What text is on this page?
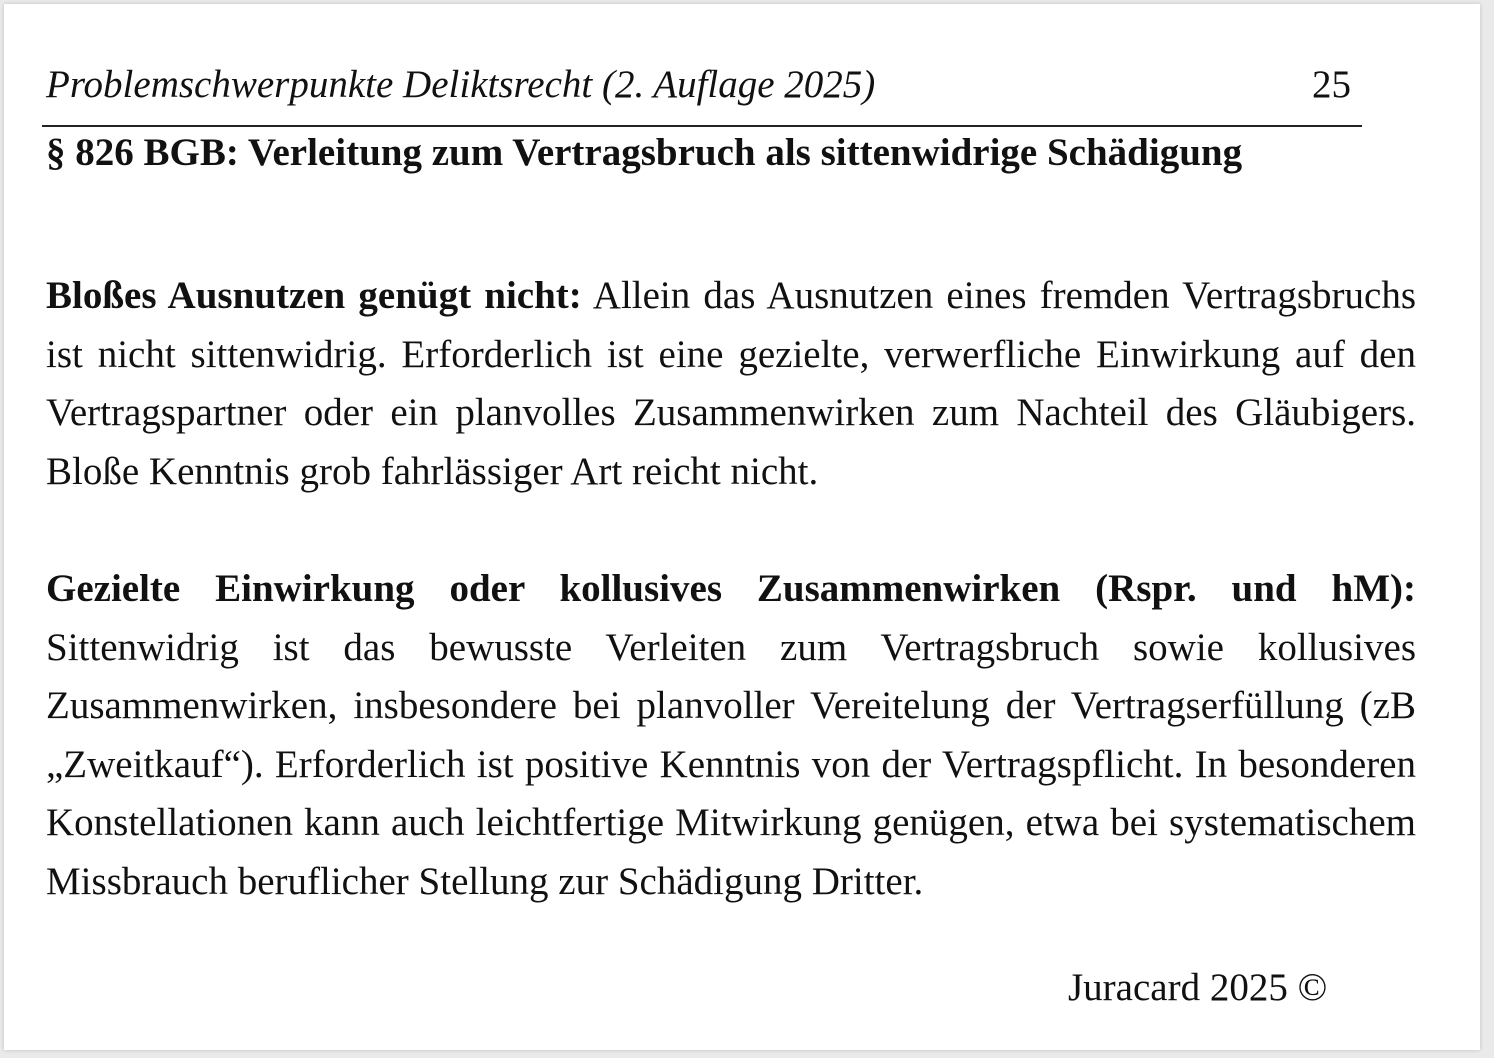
Problemschwerpunkte Deliktsrecht (2. Auflage 2025)	25
§ 826 BGB: Verleitung zum Vertragsbruch als sittenwidrige Schädigung

Bloßes Ausnutzen genügt nicht: Allein das Ausnutzen eines fremden Vertragsbruchs ist nicht sittenwidrig. Erforderlich ist eine gezielte, verwerfliche Einwirkung auf den Vertragspartner oder ein planvolles Zusammenwirken zum Nachteil des Gläubigers. Bloße Kenntnis grob fahrlässiger Art reicht nicht.

Gezielte Einwirkung oder kollusives Zusammenwirken (Rspr. und hM): Sittenwidrig ist das bewusste Verleiten zum Vertragsbruch sowie kollusives Zusammenwirken, insbesondere bei planvoller Vereitelung der Vertragserfüllung (zB „Zweitkauf“). Erforderlich ist positive Kenntnis von der Vertragspflicht. In besonderen Konstellationen kann auch leichtfertige Mitwirkung genügen, etwa bei systematischem Missbrauch beruflicher Stellung zur Schädigung Dritter.

Juracard 2025 ©
